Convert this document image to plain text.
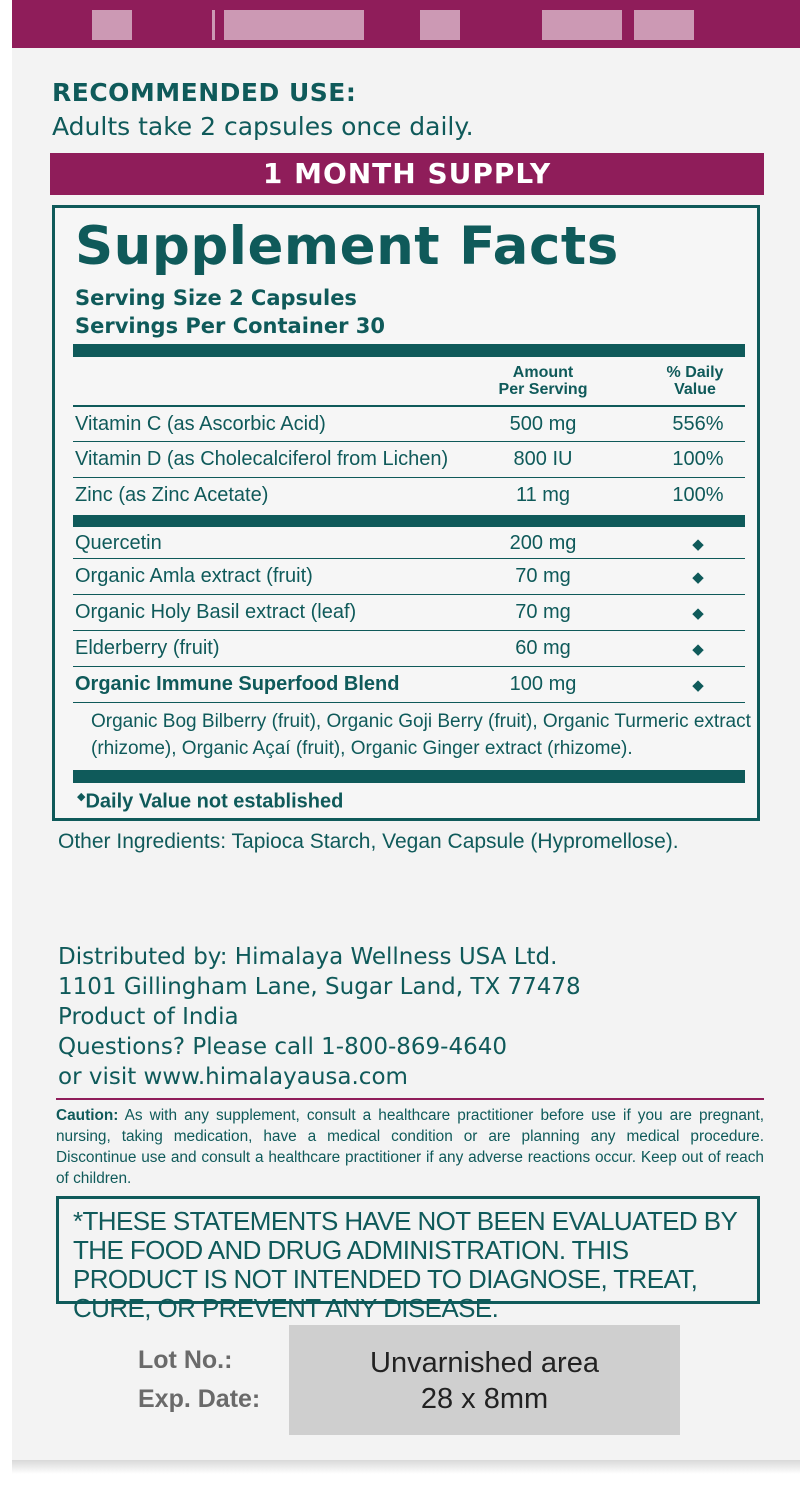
RECOMMENDED USE:
Adults take 2 capsules once daily.
1 MONTH SUPPLY
Supplement Facts
Serving Size 2 Capsules
Servings Per Container 30
Amount
Per Serving
% Daily
Value
Vitamin C (as Ascorbic Acid)	500 mg	556%
Vitamin D (as Cholecalciferol from Lichen)	800 IU	100%
Zinc (as Zinc Acetate)	11 mg	100%
Quercetin	200 mg	◆
Organic Amla extract (fruit)	70 mg	◆
Organic Holy Basil extract (leaf)	70 mg	◆
Elderberry (fruit)	60 mg	◆
Organic Immune Superfood Blend	100 mg	◆
Organic Bog Bilberry (fruit), Organic Goji Berry (fruit), Organic Turmeric extract (rhizome), Organic Açaí (fruit), Organic Ginger extract (rhizome).
◆Daily Value not established
Other Ingredients: Tapioca Starch, Vegan Capsule (Hypromellose).
Distributed by: Himalaya Wellness USA Ltd.
1101 Gillingham Lane, Sugar Land, TX 77478
Product of India
Questions? Please call 1-800-869-4640
or visit www.himalayausa.com
Caution: As with any supplement, consult a healthcare practitioner before use if you are pregnant, nursing, taking medication, have a medical condition or are planning any medical procedure. Discontinue use and consult a healthcare practitioner if any adverse reactions occur. Keep out of reach of children.
*THESE STATEMENTS HAVE NOT BEEN EVALUATED BY THE FOOD AND DRUG ADMINISTRATION. THIS PRODUCT IS NOT INTENDED TO DIAGNOSE, TREAT, CURE, OR PREVENT ANY DISEASE.
Lot No.:
Exp. Date:
Unvarnished area
28 x 8mm
